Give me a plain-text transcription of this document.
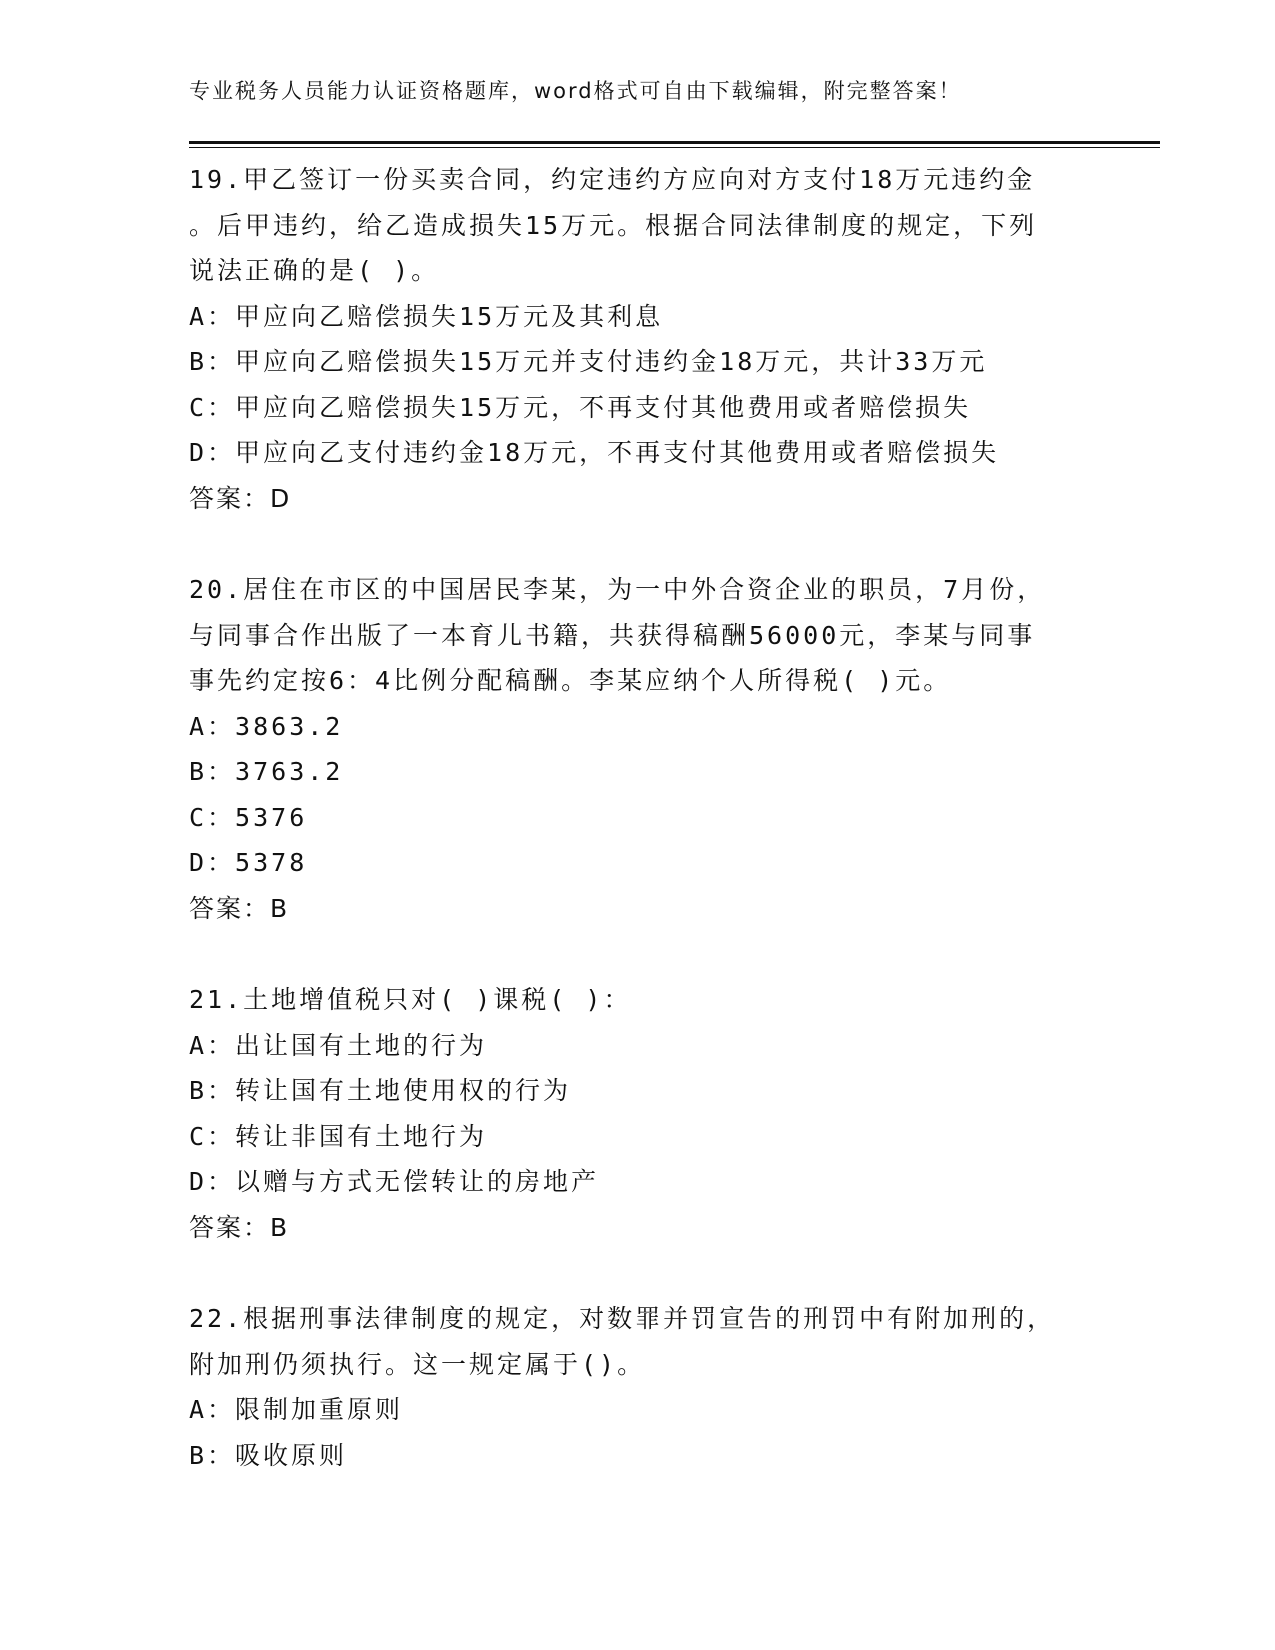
专业税务人员能力认证资格题库，word格式可自由下载编辑，附完整答案！

19.甲乙签订一份买卖合同，约定违约方应向对方支付18万元违约金

。后甲违约，给乙造成损失15万元。根据合同法律制度的规定，下列

说法正确的是( )。

A：甲应向乙赔偿损失15万元及其利息

B：甲应向乙赔偿损失15万元并支付违约金18万元，共计33万元

C：甲应向乙赔偿损失15万元，不再支付其他费用或者赔偿损失

D：甲应向乙支付违约金18万元，不再支付其他费用或者赔偿损失

答案：D

20.居住在市区的中国居民李某，为一中外合资企业的职员，7月份，

与同事合作出版了一本育儿书籍，共获得稿酬56000元，李某与同事

事先约定按6：4比例分配稿酬。李某应纳个人所得税( )元。

A：3863.2

B：3763.2

C：5376

D：5378

答案：B

21.土地增值税只对( )课税( )：

A：出让国有土地的行为

B：转让国有土地使用权的行为

C：转让非国有土地行为

D：以赠与方式无偿转让的房地产

答案：B

22.根据刑事法律制度的规定，对数罪并罚宣告的刑罚中有附加刑的，

附加刑仍须执行。这一规定属于()。

A：限制加重原则

B：吸收原则
